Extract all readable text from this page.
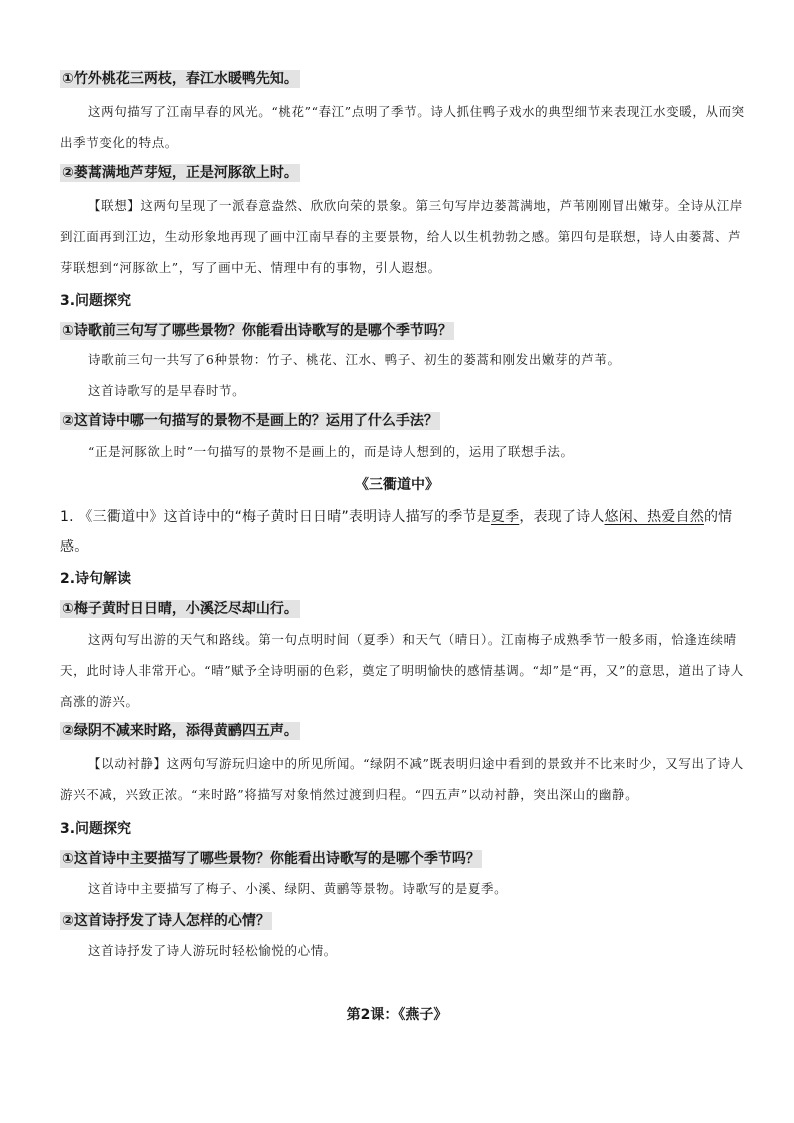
①竹外桃花三两枝，春江水暖鸭先知。

这两句描写了江南早春的风光。“桃花”“春江”点明了季节。诗人抓住鸭子戏水的典型细节来表现江水变暖，从而突出季节变化的特点。

②蒌蒿满地芦芽短，正是河豚欲上时。

【联想】这两句呈现了一派春意盎然、欣欣向荣的景象。第三句写岸边蒌蒿满地，芦苇刚刚冒出嫩芽。全诗从江岸到江面再到江边，生动形象地再现了画中江南早春的主要景物，给人以生机勃勃之感。第四句是联想，诗人由蒌蒿、芦芽联想到“河豚欲上”，写了画中无、情理中有的事物，引人遐想。

3.问题探究
①诗歌前三句写了哪些景物？你能看出诗歌写的是哪个季节吗？

诗歌前三句一共写了6种景物：竹子、桃花、江水、鸭子、初生的蒌蒿和刚发出嫩芽的芦苇。

这首诗歌写的是早春时节。

②这首诗中哪一句描写的景物不是画上的？运用了什么手法？

“正是河豚欲上时”一句描写的景物不是画上的，而是诗人想到的，运用了联想手法。

《三衢道中》

1. 《三衢道中》这首诗中的“梅子黄时日日晴”表明诗人描写的季节是夏季，表现了诗人悠闲、热爱自然的情感。

2.诗句解读
①梅子黄时日日晴，小溪泛尽却山行。

这两句写出游的天气和路线。第一句点明时间（夏季）和天气（晴日）。江南梅子成熟季节一般多雨，恰逢连续晴天，此时诗人非常开心。“晴”赋予全诗明丽的色彩，奠定了明明愉快的感情基调。“却”是“再，又”的意思，道出了诗人高涨的游兴。

②绿阴不减来时路，添得黄鹂四五声。

【以动衬静】这两句写游玩归途中的所见所闻。“绿阴不减”既表明归途中看到的景致并不比来时少，又写出了诗人游兴不减，兴致正浓。“来时路”将描写对象悄然过渡到归程。“四五声”以动衬静，突出深山的幽静。

3.问题探究
①这首诗中主要描写了哪些景物？你能看出诗歌写的是哪个季节吗？

这首诗中主要描写了梅子、小溪、绿阴、黄鹂等景物。诗歌写的是夏季。

②这首诗抒发了诗人怎样的心情？

这首诗抒发了诗人游玩时轻松愉悦的心情。

第2课：《燕子》
